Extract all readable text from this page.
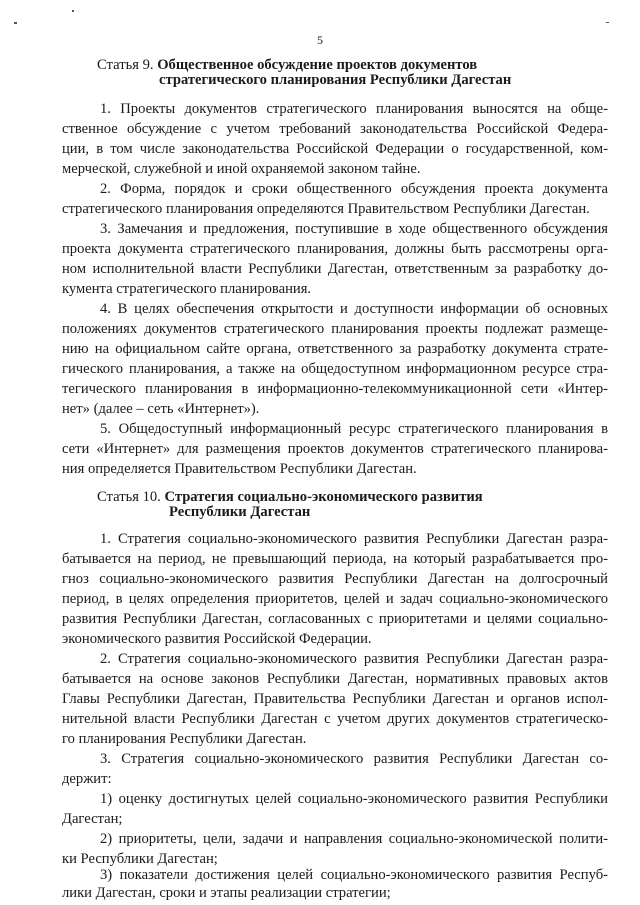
5
Статья 9. Общественное обсуждение проектов документов
стратегического планирования Республики Дагестан
1. Проекты документов стратегического планирования выносятся на обще-
ственное обсуждение с учетом требований законодательства Российской Федера-
ции, в том числе законодательства Российской Федерации о государственной, ком-
мерческой, служебной и иной охраняемой законом тайне.
2. Форма, порядок и сроки общественного обсуждения проекта документа
стратегического планирования определяются Правительством Республики Дагестан.
3. Замечания и предложения, поступившие в ходе общественного обсуждения
проекта документа стратегического планирования, должны быть рассмотрены орга-
ном исполнительной власти Республики Дагестан, ответственным за разработку до-
кумента стратегического планирования.
4. В целях обеспечения открытости и доступности информации об основных
положениях документов стратегического планирования проекты подлежат размеще-
нию на официальном сайте органа, ответственного за разработку документа страте-
гического планирования, а также на общедоступном информационном ресурсе стра-
тегического планирования в информационно-телекоммуникационной сети «Интер-
нет» (далее – сеть «Интернет»).
5. Общедоступный информационный ресурс стратегического планирования в
сети «Интернет» для размещения проектов документов стратегического планирова-
ния определяется Правительством Республики Дагестан.
Статья 10. Стратегия социально-экономического развития
Республики Дагестан
1. Стратегия социально-экономического развития Республики Дагестан разра-
батывается на период, не превышающий периода, на который разрабатывается про-
гноз социально-экономического развития Республики Дагестан на долгосрочный
период, в целях определения приоритетов, целей и задач социально-экономического
развития Республики Дагестан, согласованных с приоритетами и целями социально-
экономического развития Российской Федерации.
2. Стратегия социально-экономического развития Республики Дагестан разра-
батывается на основе законов Республики Дагестан, нормативных правовых актов
Главы Республики Дагестан, Правительства Республики Дагестан и органов испол-
нительной власти Республики Дагестан с учетом других документов стратегическо-
го планирования Республики Дагестан.
3. Стратегия социально-экономического развития Республики Дагестан со-
держит:
1) оценку достигнутых целей социально-экономического развития Республики
Дагестан;
2) приоритеты, цели, задачи и направления социально-экономической полити-
ки Республики Дагестан;
3) показатели достижения целей социально-экономического развития Респуб-
лики Дагестан, сроки и этапы реализации стратегии;
